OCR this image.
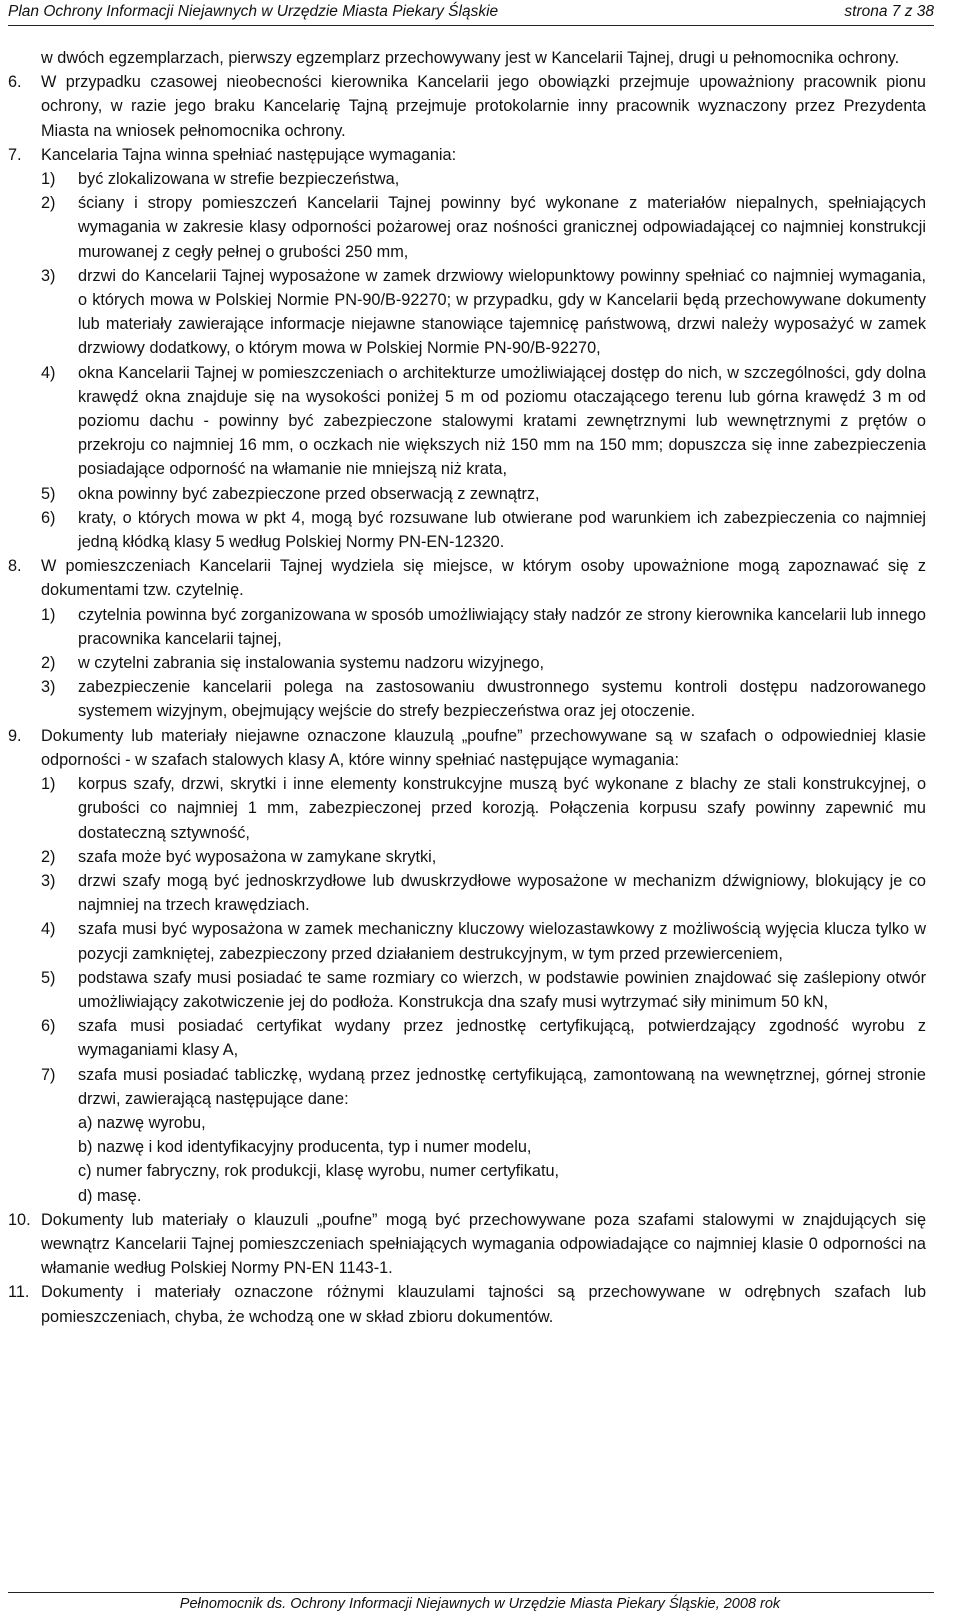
Plan Ochrony Informacji Niejawnych w Urzędzie Miasta Piekary Śląskie	strona 7 z 38
w dwóch egzemplarzach, pierwszy egzemplarz przechowywany jest w Kancelarii Tajnej, drugi u pełnomocnika ochrony.
6. W przypadku czasowej nieobecności kierownika Kancelarii jego obowiązki przejmuje upoważniony pracownik pionu ochrony, w razie jego braku Kancelarię Tajną przejmuje protokolarnie inny pracownik wyznaczony przez Prezydenta Miasta na wniosek pełnomocnika ochrony.
7. Kancelaria Tajna winna spełniać następujące wymagania:
1) być zlokalizowana w strefie bezpieczeństwa,
2) ściany i stropy pomieszczeń Kancelarii Tajnej powinny być wykonane z materiałów niepalnych, spełniających wymagania w zakresie klasy odporności pożarowej oraz nośności granicznej odpowiadającej co najmniej konstrukcji murowanej z cegły pełnej o grubości 250 mm,
3) drzwi do Kancelarii Tajnej wyposażone w zamek drzwiowy wielopunktowy powinny spełniać co najmniej wymagania, o których mowa w Polskiej Normie PN-90/B-92270; w przypadku, gdy w Kancelarii będą przechowywane dokumenty lub materiały zawierające informacje niejawne stanowiące tajemnicę państwową, drzwi należy wyposażyć w zamek drzwiowy dodatkowy, o którym mowa w Polskiej Normie PN-90/B-92270,
4) okna Kancelarii Tajnej w pomieszczeniach o architekturze umożliwiającej dostęp do nich, w szczególności, gdy dolna krawędź okna znajduje się na wysokości poniżej 5 m od poziomu otaczającego terenu lub górna krawędź 3 m od poziomu dachu - powinny być zabezpieczone stalowymi kratami zewnętrznymi lub wewnętrznymi z prętów o przekroju co najmniej 16 mm, o oczkach nie większych niż 150 mm na 150 mm; dopuszcza się inne zabezpieczenia posiadające odporność na włamanie nie mniejszą niż krata,
5) okna powinny być zabezpieczone przed obserwacją z zewnątrz,
6) kraty, o których mowa w pkt 4, mogą być rozsuwane lub otwierane pod warunkiem ich zabezpieczenia co najmniej jedną kłódką klasy 5 według Polskiej Normy PN-EN-12320.
8. W pomieszczeniach Kancelarii Tajnej wydziela się miejsce, w którym osoby upoważnione mogą zapoznawać się z dokumentami tzw. czytelnię.
1) czytelnia powinna być zorganizowana w sposób umożliwiający stały nadzór ze strony kierownika kancelarii lub innego pracownika kancelarii tajnej,
2) w czytelni zabrania się instalowania systemu nadzoru wizyjnego,
3) zabezpieczenie kancelarii polega na zastosowaniu dwustronnego systemu kontroli dostępu nadzorowanego systemem wizyjnym, obejmujący wejście do strefy bezpieczeństwa oraz jej otoczenie.
9. Dokumenty lub materiały niejawne oznaczone klauzulą „poufne” przechowywane są w szafach o odpowiedniej klasie odporności - w szafach stalowych klasy A, które winny spełniać następujące wymagania:
1) korpus szafy, drzwi, skrytki i inne elementy konstrukcyjne muszą być wykonane z blachy ze stali konstrukcyjnej, o grubości co najmniej 1 mm, zabezpieczonej przed korozją. Połączenia korpusu szafy powinny zapewnić mu dostateczną sztywność,
2) szafa może być wyposażona w zamykane skrytki,
3) drzwi szafy mogą być jednoskrzydłowe lub dwuskrzydłowe wyposażone w mechanizm dźwigniowy, blokujący je co najmniej na trzech krawędziach.
4) szafa musi być wyposażona w zamek mechaniczny kluczowy wielozastawkowy z możliwością wyjęcia klucza tylko w pozycji zamkniętej, zabezpieczony przed działaniem destrukcyjnym, w tym przed przewierceniem,
5) podstawa szafy musi posiadać te same rozmiary co wierzch, w podstawie powinien znajdować się zaślepiony otwór umożliwiający zakotwiczenie jej do podłoża. Konstrukcja dna szafy musi wytrzymać siły minimum 50 kN,
6) szafa musi posiadać certyfikat wydany przez jednostkę certyfikującą, potwierdzający zgodność wyrobu z wymaganiami klasy A,
7) szafa musi posiadać tabliczkę, wydaną przez jednostkę certyfikującą, zamontowaną na wewnętrznej, górnej stronie drzwi, zawierającą następujące dane:
a) nazwę wyrobu,
b) nazwę i kod identyfikacyjny producenta, typ i numer modelu,
c) numer fabryczny, rok produkcji, klasę wyrobu, numer certyfikatu,
d) masę.
10. Dokumenty lub materiały o klauzuli „poufne” mogą być przechowywane poza szafami stalowymi w znajdujących się wewnątrz Kancelarii Tajnej pomieszczeniach spełniających wymagania odpowiadające co najmniej klasie 0 odporności na włamanie według Polskiej Normy PN-EN 1143-1.
11. Dokumenty i materiały oznaczone różnymi klauzulami tajności są przechowywane w odrębnych szafach lub pomieszczeniach, chyba, że wchodzą one w skład zbioru dokumentów.
Pełnomocnik ds. Ochrony Informacji Niejawnych w Urzędzie Miasta Piekary Śląskie, 2008 rok
